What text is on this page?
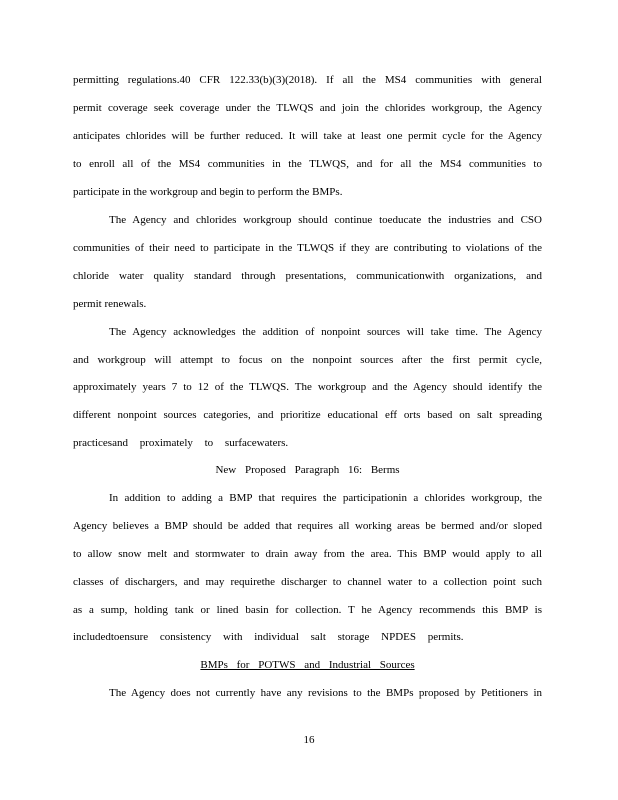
permitting regulations.40 CFR 122.33(b)(3)(2018). If all the MS4 communities with general
permit coverage seek coverage under the TLWQS and join the chlorides workgroup, the Agency
anticipates chlorides will be further reduced. It will take at least one permit cycle for the Agency
to enroll all of the MS4 communities in the TLWQS, and for all the MS4 communities to
participate in the workgroup and begin to perform the BMPs.
The Agency and chlorides workgroup should continue toeducate the industries and CSO
communities of their need to participate in the TLWQS if they are contributing to violations of the
chloride water quality standard through presentations, communicationwith organizations, and
permit renewals.
The Agency acknowledges the addition of nonpoint sources will take time. The Agency
and workgroup will attempt to focus on the nonpoint sources after the first permit cycle,
approximately years 7 to 12 of the TLWQS. The workgroup and the Agency should identify the
different nonpoint sources categories, and prioritize educational eff orts based on salt spreading
practicesand proximately to surfacewaters.
New Proposed Paragraph 16: Berms
In addition to adding a BMP that requires the participationin a chlorides workgroup, the
Agency believes a BMP should be added that requires all working areas be bermed and/or sloped
to allow snow melt and stormwater to drain away from the area. This BMP would apply to all
classes of dischargers, and may requirethe discharger to channel water to a collection point such
as a sump, holding tank or lined basin for collection. T he Agency recommends this BMP is
includedtoensure consistency with individual salt storage NPDES permits.
BMPs for POTWS and Industrial Sources
The Agency does not currently have any revisions to the BMPs proposed by Petitioners in
16
